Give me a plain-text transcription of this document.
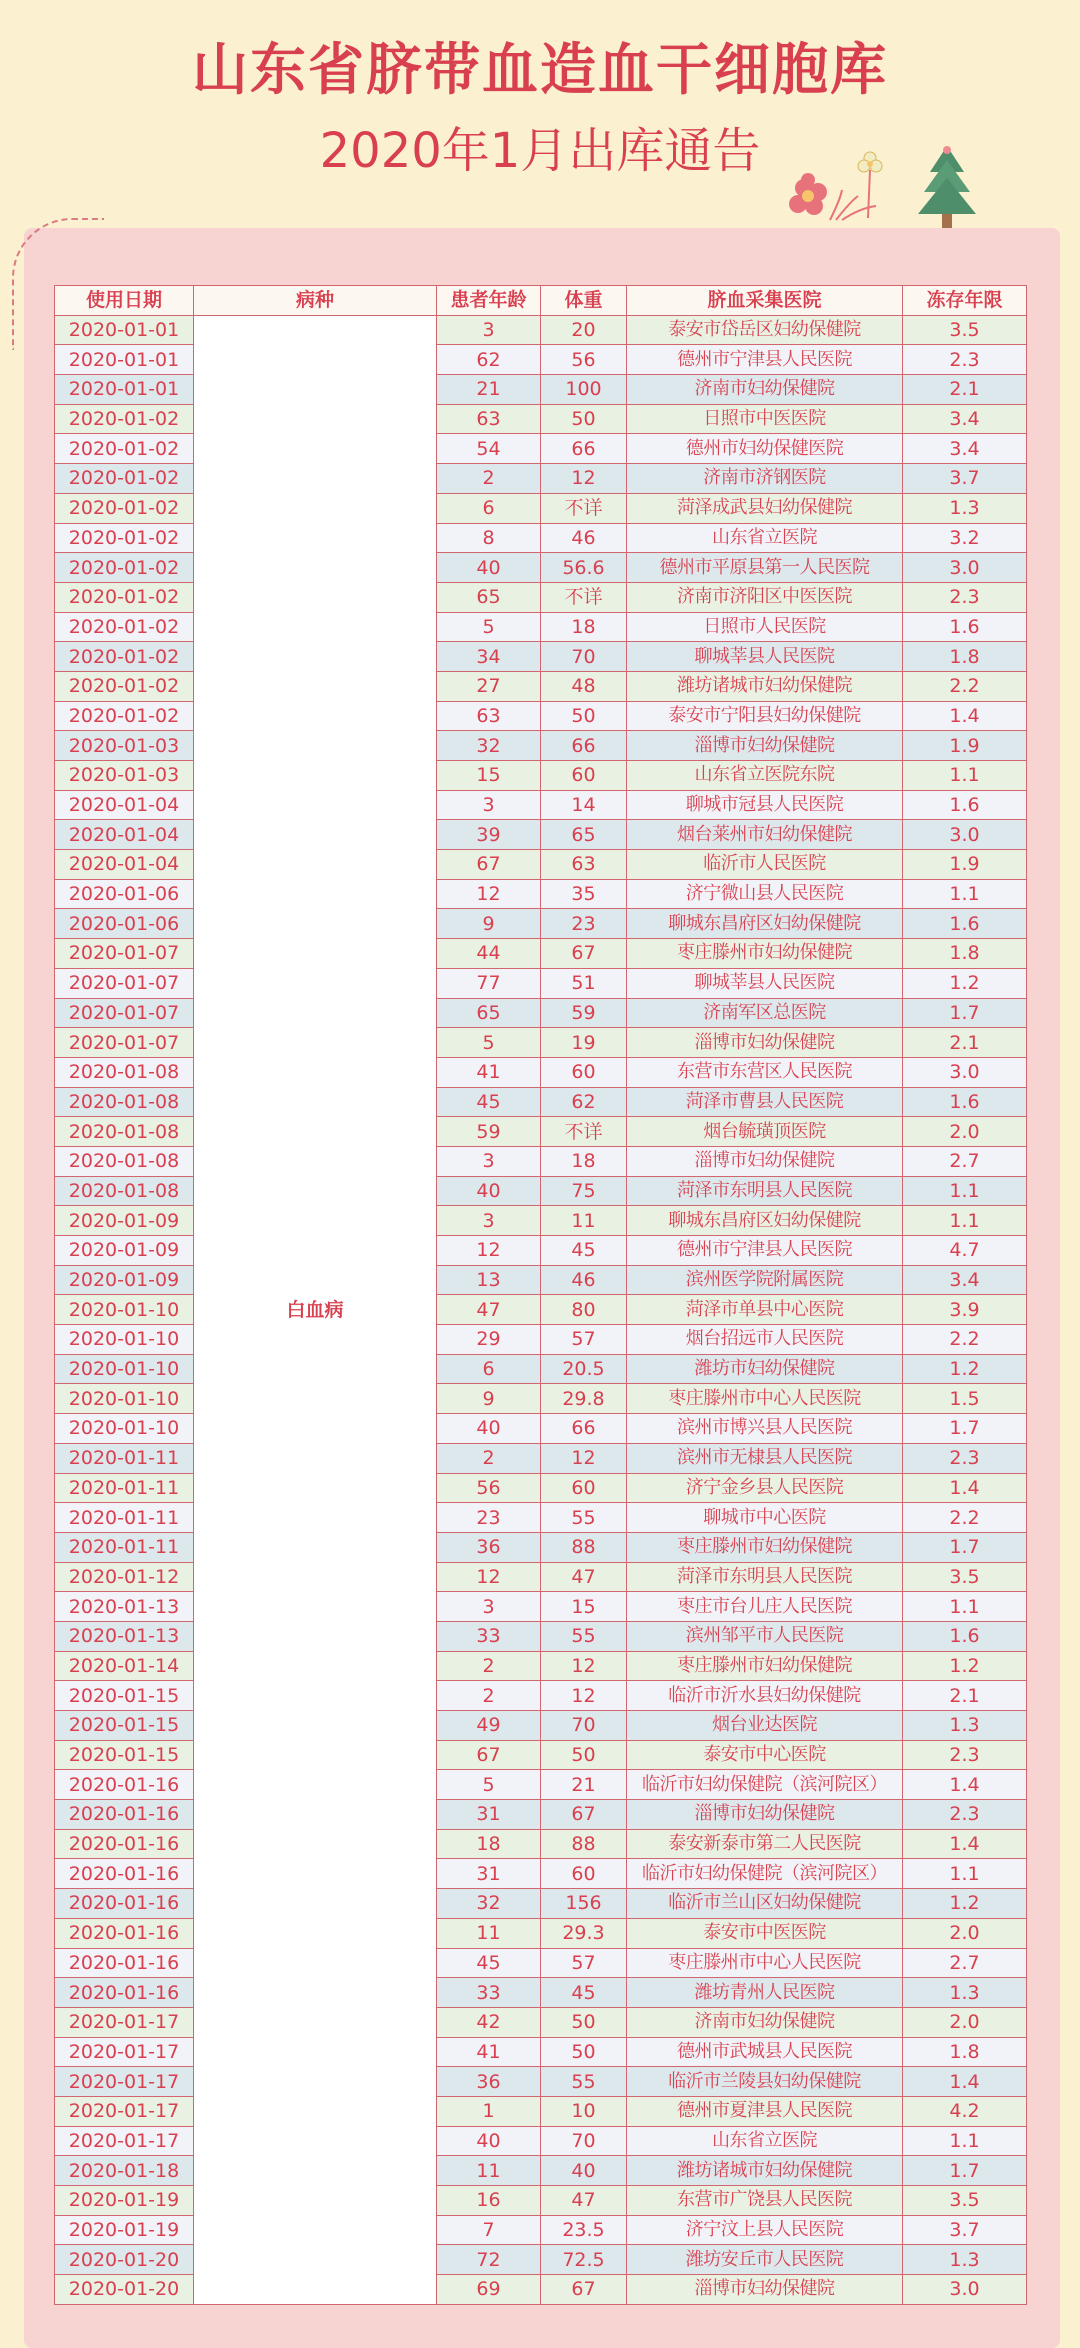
山东省脐带血造血干细胞库
2020年1月出库通告
使用日期	病种	患者年龄	体重	脐血采集医院	冻存年限
2020-01-01	白血病	3	20	泰安市岱岳区妇幼保健院	3.5
2020-01-01		62	56	德州市宁津县人民医院	2.3
2020-01-01		21	100	济南市妇幼保健院	2.1
2020-01-02		63	50	日照市中医医院	3.4
2020-01-02		54	66	德州市妇幼保健医院	3.4
2020-01-02		2	12	济南市济钢医院	3.7
2020-01-02		6	不详	菏泽成武县妇幼保健院	1.3
2020-01-02		8	46	山东省立医院	3.2
2020-01-02		40	56.6	德州市平原县第一人民医院	3.0
2020-01-02		65	不详	济南市济阳区中医医院	2.3
2020-01-02		5	18	日照市人民医院	1.6
2020-01-02		34	70	聊城莘县人民医院	1.8
2020-01-02		27	48	潍坊诸城市妇幼保健院	2.2
2020-01-02		63	50	泰安市宁阳县妇幼保健院	1.4
2020-01-03		32	66	淄博市妇幼保健院	1.9
2020-01-03		15	60	山东省立医院东院	1.1
2020-01-04		3	14	聊城市冠县人民医院	1.6
2020-01-04		39	65	烟台莱州市妇幼保健院	3.0
2020-01-04		67	63	临沂市人民医院	1.9
2020-01-06		12	35	济宁微山县人民医院	1.1
2020-01-06		9	23	聊城东昌府区妇幼保健院	1.6
2020-01-07		44	67	枣庄滕州市妇幼保健院	1.8
2020-01-07		77	51	聊城莘县人民医院	1.2
2020-01-07		65	59	济南军区总医院	1.7
2020-01-07		5	19	淄博市妇幼保健院	2.1
2020-01-08		41	60	东营市东营区人民医院	3.0
2020-01-08		45	62	菏泽市曹县人民医院	1.6
2020-01-08		59	不详	烟台毓璜顶医院	2.0
2020-01-08		3	18	淄博市妇幼保健院	2.7
2020-01-08		40	75	菏泽市东明县人民医院	1.1
2020-01-09		3	11	聊城东昌府区妇幼保健院	1.1
2020-01-09		12	45	德州市宁津县人民医院	4.7
2020-01-09		13	46	滨州医学院附属医院	3.4
2020-01-10		47	80	菏泽市单县中心医院	3.9
2020-01-10		29	57	烟台招远市人民医院	2.2
2020-01-10		6	20.5	潍坊市妇幼保健院	1.2
2020-01-10		9	29.8	枣庄滕州市中心人民医院	1.5
2020-01-10		40	66	滨州市博兴县人民医院	1.7
2020-01-11		2	12	滨州市无棣县人民医院	2.3
2020-01-11		56	60	济宁金乡县人民医院	1.4
2020-01-11		23	55	聊城市中心医院	2.2
2020-01-11		36	88	枣庄滕州市妇幼保健院	1.7
2020-01-12		12	47	菏泽市东明县人民医院	3.5
2020-01-13		3	15	枣庄市台儿庄人民医院	1.1
2020-01-13		33	55	滨州邹平市人民医院	1.6
2020-01-14		2	12	枣庄滕州市妇幼保健院	1.2
2020-01-15		2	12	临沂市沂水县妇幼保健院	2.1
2020-01-15		49	70	烟台业达医院	1.3
2020-01-15		67	50	泰安市中心医院	2.3
2020-01-16		5	21	临沂市妇幼保健院（滨河院区）	1.4
2020-01-16		31	67	淄博市妇幼保健院	2.3
2020-01-16		18	88	泰安新泰市第二人民医院	1.4
2020-01-16		31	60	临沂市妇幼保健院（滨河院区）	1.1
2020-01-16		32	156	临沂市兰山区妇幼保健院	1.2
2020-01-16		11	29.3	泰安市中医医院	2.0
2020-01-16		45	57	枣庄滕州市中心人民医院	2.7
2020-01-16		33	45	潍坊青州人民医院	1.3
2020-01-17		42	50	济南市妇幼保健院	2.0
2020-01-17		41	50	德州市武城县人民医院	1.8
2020-01-17		36	55	临沂市兰陵县妇幼保健院	1.4
2020-01-17		1	10	德州市夏津县人民医院	4.2
2020-01-17		40	70	山东省立医院	1.1
2020-01-18		11	40	潍坊诸城市妇幼保健院	1.7
2020-01-19		16	47	东营市广饶县人民医院	3.5
2020-01-19		7	23.5	济宁汶上县人民医院	3.7
2020-01-20		72	72.5	潍坊安丘市人民医院	1.3
2020-01-20		69	67	淄博市妇幼保健院	3.0
